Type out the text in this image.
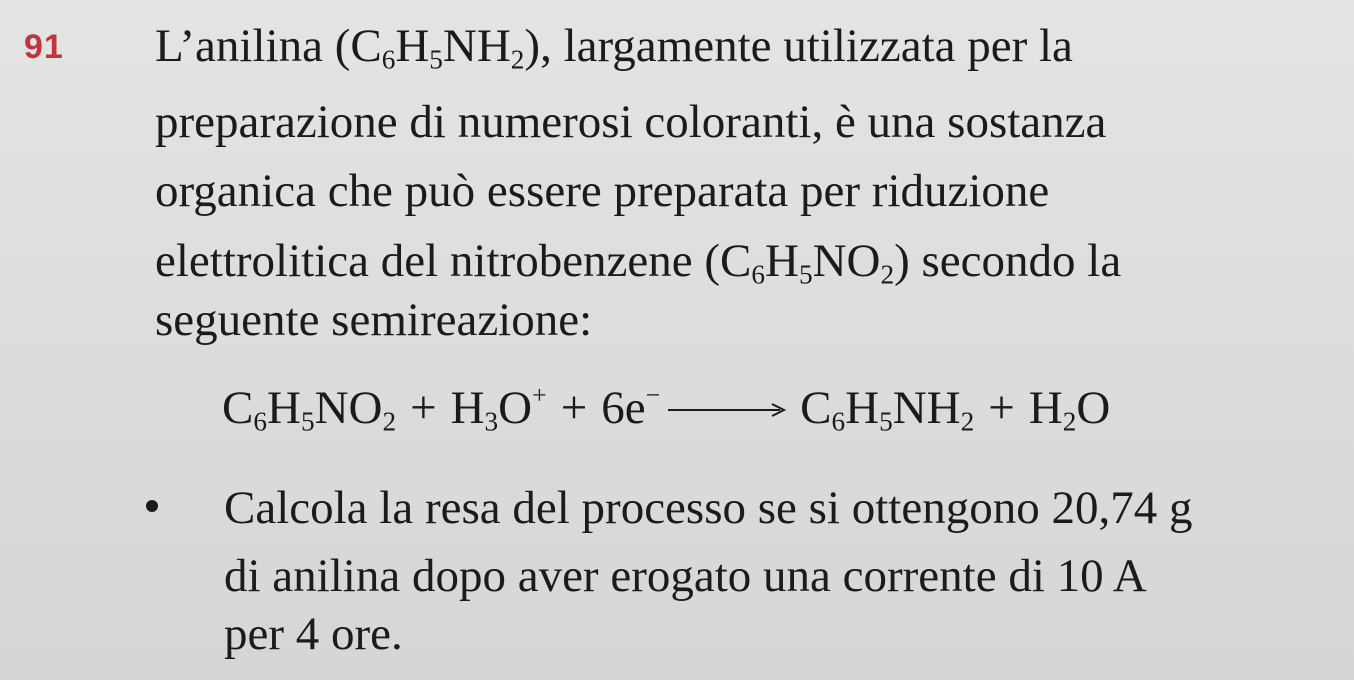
91 L’anilina $(C_6H_5NH_2)$, largamente utilizzata per la
preparazione di numerosi coloranti, è una sostanza
organica che può essere preparata per riduzione
elettrolitica del nitrobenzene $(C_6H_5NO_2)$ secondo la
seguente semireazione:
$C_6H_5NO_2 + H_3O^+ + 6e^- \to C_6H_5NH_2 + H_2O$
Calcola la resa del processo se si ottengono 20,74 g
di anilina dopo aver erogato una corrente di 10 A
per 4 ore.
